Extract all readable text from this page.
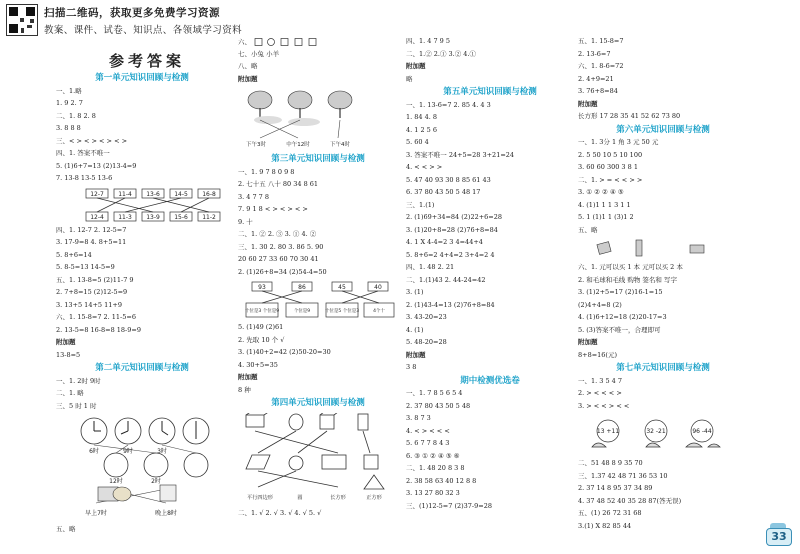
扫描二维码，获取更多免费学习资源
教案、课件、试卷、知识点、各领域学习资料
参考答案
第一单元知识回顾与检测
一、1.略
1. 9 2. 7
二、1. 8 2. 8
3. 8 8 8
三、< > < > < > < >
四、1. 答案不唯一
5. (1)6+7=13 (2)13-4=9
7. 13-8 13-5 13-6
12-7 11-4 13-6 14-5 16-8
12-4 11-3 13-9 15-6 11-2
四、1. 12-7 2. 12-5=7
3. 17-9=8 4. 8+5=11
5. 8+6=14
5. 8-5=13 14-5=9
五、1. 13-8=5 (2)11-7 9
2. 7+8=15 (2)12-5=9
3. 13+5 14+5 11+9
六、1. 15-8=7 2. 11-5=6
2. 13-5=8 16-8=8 18-9=9
附加题
13-8=5
第二单元知识回顾与检测
一、1. 2时 9时
二、1. 略
三、5 时 1 时
6时	9时	3时
12时	2时
早上7时	晚上8时
五、略
六、
七、小兔 小羊
八、略
附加题
下午3时	中午12时	下午4时
第三单元知识回顾与检测
一、1. 9 7 8 0 9 8
2. 七十五 八十 80 34 8 61
3. 4 7 7 8
7. 9 1 8 < > < > < >
9. 十
二、1. ② 2. ③ 3. ① 4. ②
三、1. 30 2. 80 3. 86 5. 90
20 60 27 33 60 70 30 41
2. (1)26+8=34 (2)54-4=50
93	86	45	40
十位是3 个位是9	个位是9	十位是5 个位是3	4个十
5. (1)49 (2)61
2. 先取 10 个 √
3. (1)40+2=42 (2)50-20=30
4. 30+5=35
附加题
8 种
第四单元知识回顾与检测
平行四边形	圆	长方形	正方形
二、1. √ 2. √ 3. √ 4. √ 5. √
四、1. 4 7 9 5
二、1.② 2.① 3.② 4.①
附加题
略
第五单元知识回顾与检测
一、1. 13-6=7 2. 85 4. 4 3
1. 84 4. 8
4. 1 2 5 6
5. 60 4
3. 答案不唯一 24+5=28 3+21=24
4. < < > >
5. 47 40 93 30 8 85 61 43
6. 37 80 43 50 5 48 17
三、1.(1)
2. (1)69+34=84 (2)22+6=28
3. (1)20+8=28 (2)76+8=84
4. 1 X 4-4=2 3 4=44+4
5. 8+6=2 4+4=2 3+4=2 4
四、1. 48 2. 21
二、1.(1)43 2. 44-24=42
3. (1)
2. (1)43-4=13 (2)76+8=84
3. 43-20=23
4. (1)
5. 48-20=28
附加题
3 8
期中检测优选卷
一、1. 7 8 5 6 5 4
2. 37 80 43 50 5 48
3. 8 7 3
4. < > < < <
5. 6 7 7 8 4 3
6. ③ ① ② ④ ⑤ ⑥
二、1. 48 20 8 3 8
2. 38 58 63 40 12 8 8
3. 13 27 80 32 3
三、(1)12-5=7 (2)37-9=28
五、1. 15-8=7
2. 13-6=7
六、1. 8-6=72
2. 4+9=21
3. 76+8=84
附加题
长方形 17 28 35 41 52 62 73 80
第六单元知识回顾与检测
一、1. 3分 1 角 3 元 50 元
2. 5 50 10 5 10 100
3. 60 60 300 3 8 1
二、1. > = < < > >
3. ① ② ② ④ ⑤
4. (1)1 1 1 3 1 1
5. 1 (1)1 1 (3)1 2
五、略
六、1. 元可以买 1 本 元可以买 2 本
2. 和毛球和毛线 购物 签名和 写字
3. (1)2+5=17 (2)16-1=15
(2)4+4=8 (2)
4. (1)6+12=18 (2)20-17=3
5. (3)答案不唯一，合理即可
附加题
8+8=16(元)
第七单元知识回顾与检测
一、1. 3 5 4 7
2. > < < < >
3. > < < > < <
13 +11	32 -21	96 -44
二、51 48 8 9 35 70
三、1.37 42 48 71 36 53 10
2. 37 14 8 95 37 34 89
4. 37 48 52 40 35 28 87(答无误)
五、(1) 26 72 31 68
3.(1) X 82 85 44
33
